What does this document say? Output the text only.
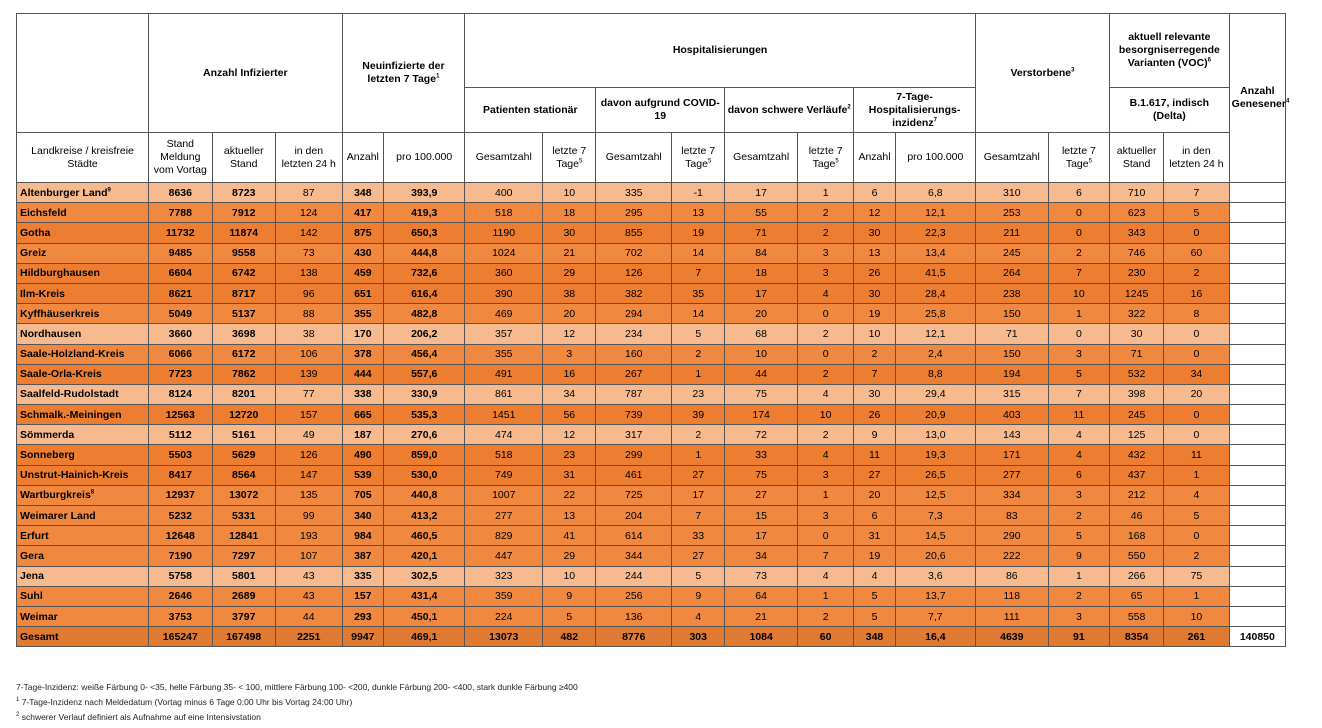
	Anzahl Infizierter			Neuinfizierte der letzten 7 Tage$^1$		Hospitalisierungen								Verstorbene$^3$		aktuell relevante besorgniserregende Varianten (VOC)$^6$		Anzahl Genesener$^4$
						Patienten stationär		davon aufgrund COVID-19		davon schwere Verläufe$^2$		7-Tage-Hospitalisierungs-inzidenz$^7$				B.1.617, indisch (Delta)		
Landkreise / kreisfreie Städte	Stand Meldung vom Vortag	aktueller Stand	in den letzten 24 h	Anzahl	pro 100.000	Gesamtzahl	letzte 7 Tage$^5$	Gesamtzahl	letzte 7 Tage$^5$	Gesamtzahl	letzte 7 Tage$^5$	Anzahl	pro 100.000	Gesamtzahl	letzte 7 Tage$^5$	aktueller Stand	in den letzten 24 h	
Altenburger Land$^9$	8636	8723	87	348	393,9	400	10	335	-1	17	1	6	6,8	310	6	710	7	
Eichsfeld	7788	7912	124	417	419,3	518	18	295	13	55	2	12	12,1	253	0	623	5	
Gotha	11732	11874	142	875	650,3	1190	30	855	19	71	2	30	22,3	211	0	343	0	
Greiz	9485	9558	73	430	444,8	1024	21	702	14	84	3	13	13,4	245	2	746	60	
Hildburghausen	6604	6742	138	459	732,6	360	29	126	7	18	3	26	41,5	264	7	230	2	
Ilm-Kreis	8621	8717	96	651	616,4	390	38	382	35	17	4	30	28,4	238	10	1245	16	
Kyffhäuserkreis	5049	5137	88	355	482,8	469	20	294	14	20	0	19	25,8	150	1	322	8	
Nordhausen	3660	3698	38	170	206,2	357	12	234	5	68	2	10	12,1	71	0	30	0	
Saale-Holzland-Kreis	6066	6172	106	378	456,4	355	3	160	2	10	0	2	2,4	150	3	71	0	
Saale-Orla-Kreis	7723	7862	139	444	557,6	491	16	267	1	44	2	7	8,8	194	5	532	34	
Saalfeld-Rudolstadt	8124	8201	77	338	330,9	861	34	787	23	75	4	30	29,4	315	7	398	20	
Schmalk.-Meiningen	12563	12720	157	665	535,3	1451	56	739	39	174	10	26	20,9	403	11	245	0	
Sömmerda	5112	5161	49	187	270,6	474	12	317	2	72	2	9	13,0	143	4	125	0	
Sonneberg	5503	5629	126	490	859,0	518	23	299	1	33	4	11	19,3	171	4	432	11	
Unstrut-Hainich-Kreis	8417	8564	147	539	530,0	749	31	461	27	75	3	27	26,5	277	6	437	1	
Wartburgkreis$^8$	12937	13072	135	705	440,8	1007	22	725	17	27	1	20	12,5	334	3	212	4	
Weimarer Land	5232	5331	99	340	413,2	277	13	204	7	15	3	6	7,3	83	2	46	5	
Erfurt	12648	12841	193	984	460,5	829	41	614	33	17	0	31	14,5	290	5	168	0	
Gera	7190	7297	107	387	420,1	447	29	344	27	34	7	19	20,6	222	9	550	2	
Jena	5758	5801	43	335	302,5	323	10	244	5	73	4	4	3,6	86	1	266	75	
Suhl	2646	2689	43	157	431,4	359	9	256	9	64	1	5	13,7	118	2	65	1	
Weimar	3753	3797	44	293	450,1	224	5	136	4	21	2	5	7,7	111	3	558	10	
Gesamt	165247	167498	2251	9947	469,1	13073	482	8776	303	1084	60	348	16,4	4639	91	8354	261	140850
7-Tage-Inzidenz: weiße Färbung 0- <35, helle Färbung 35- < 100, mittlere Färbung 100- <200, dunkle Färbung 200- <400, stark dunkle Färbung ≥400
$^1$ 7-Tage-Inzidenz nach Meldedatum (Vortag minus 6 Tage 0:00 Uhr bis Vortag 24:00 Uhr)
$^2$ schwerer Verlauf definiert als Aufnahme auf eine Intensivstation
